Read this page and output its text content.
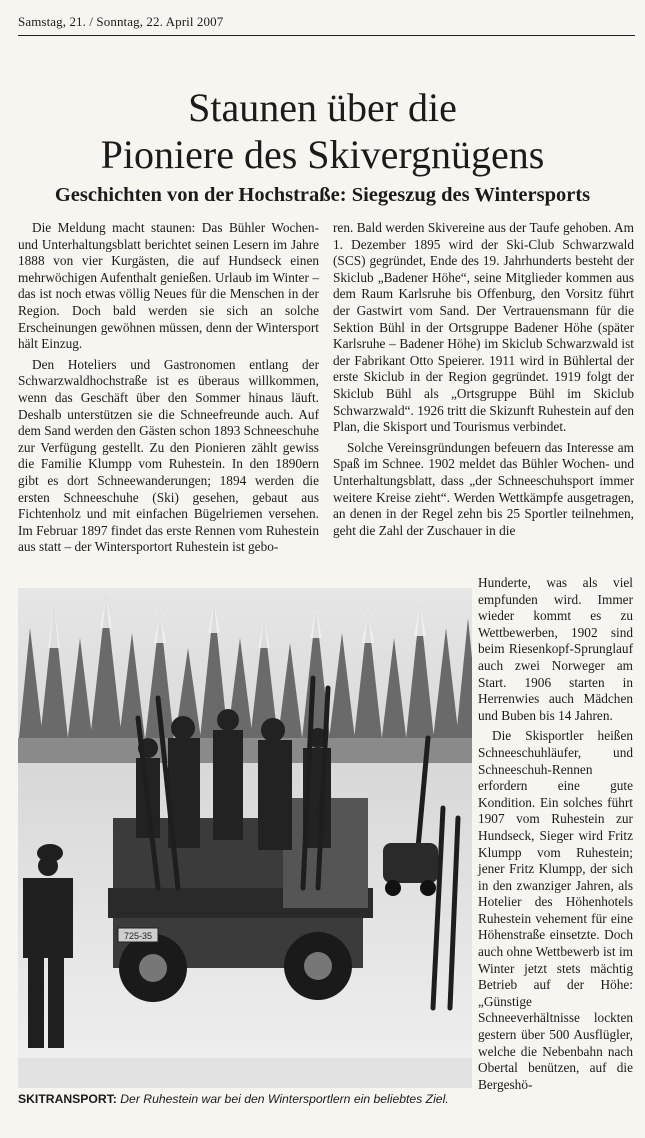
Samstag, 21. / Sonntag, 22. April 2007
Staunen über die
Pioniere des Skivergnügens
Geschichten von der Hochstraße: Siegeszug des Wintersports

Die Meldung macht staunen: Das Bühler Wochen- und Unterhaltungsblatt berichtet seinen Lesern im Jahre 1888 von vier Kurgästen, die auf Hundseck einen mehrwöchigen Aufenthalt genießen. Urlaub im Winter – das ist noch etwas völlig Neues für die Menschen in der Region. Doch bald werden sie sich an solche Erscheinungen gewöhnen müssen, denn der Wintersport hält Einzug.

Den Hoteliers und Gastronomen entlang der Schwarzwaldhochstraße ist es überaus willkommen, wenn das Geschäft über den Sommer hinaus läuft. Deshalb unterstützen sie die Schneefreunde auch. Auf dem Sand werden den Gästen schon 1893 Schneeschuhe zur Verfügung gestellt. Zu den Pionieren zählt gewiss die Familie Klumpp vom Ruhestein. In den 1890ern gibt es dort Schneewanderungen; 1894 werden die ersten Schneeschuhe (Ski) gesehen, gebaut aus Fichtenholz und mit einfachen Bügelriemen versehen. Im Februar 1897 findet das erste Rennen vom Ruhestein aus statt – der Wintersportort Ruhestein ist gebo-

ren. Bald werden Skivereine aus der Taufe gehoben. Am 1. Dezember 1895 wird der Ski-Club Schwarzwald (SCS) gegründet, Ende des 19. Jahrhunderts besteht der Skiclub „Badener Höhe“, seine Mitglieder kommen aus dem Raum Karlsruhe bis Offenburg, den Vorsitz führt der Gastwirt vom Sand. Der Vertrauensmann für die Sektion Bühl in der Ortsgruppe Badener Höhe (später Karlsruhe – Badener Höhe) im Skiclub Schwarzwald ist der Fabrikant Otto Speierer. 1911 wird in Bühlertal der erste Skiclub in der Region gegründet. 1919 folgt der Skiclub Bühl als „Ortsgruppe Bühl im Skiclub Schwarzwald“. 1926 tritt die Skizunft Ruhestein auf den Plan, die Skisport und Tourismus verbindet.

Solche Vereinsgründungen befeuern das Interesse am Spaß im Schnee. 1902 meldet das Bühler Wochen- und Unterhaltungsblatt, dass „der Schneeschuhsport immer weitere Kreise zieht“. Werden Wettkämpfe ausgetragen, an denen in der Regel zehn bis 25 Sportler teilnehmen, geht die Zahl der Zuschauer in die

Hunderte, was als viel empfunden wird. Immer wieder kommt es zu Wettbewerben, 1902 sind beim Riesenkopf-Sprunglauf auch zwei Norweger am Start. 1906 starten in Herrenwies auch Mädchen und Buben bis 14 Jahren.

Die Skisportler heißen Schneeschuhläufer, und Schneeschuh-Rennen erfordern eine gute Kondition. Ein solches führt 1907 vom Ruhestein zur Hundseck, Sieger wird Fritz Klumpp vom Ruhestein; jener Fritz Klumpp, der sich in den zwanziger Jahren, als Hotelier des Höhenhotels Ruhestein vehement für eine Höhenstraße einsetzte. Doch auch ohne Wettbewerb ist im Winter jetzt stets mächtig Betrieb auf der Höhe: „Günstige Schneeverhältnisse lockten gestern über 500 Ausflügler, welche die Nebenbahn nach Obertal benützen, auf die Bergeshö-

725-35
SKITRANSPORT: Der Ruhestein war bei den Wintersportlern ein beliebtes Ziel.
